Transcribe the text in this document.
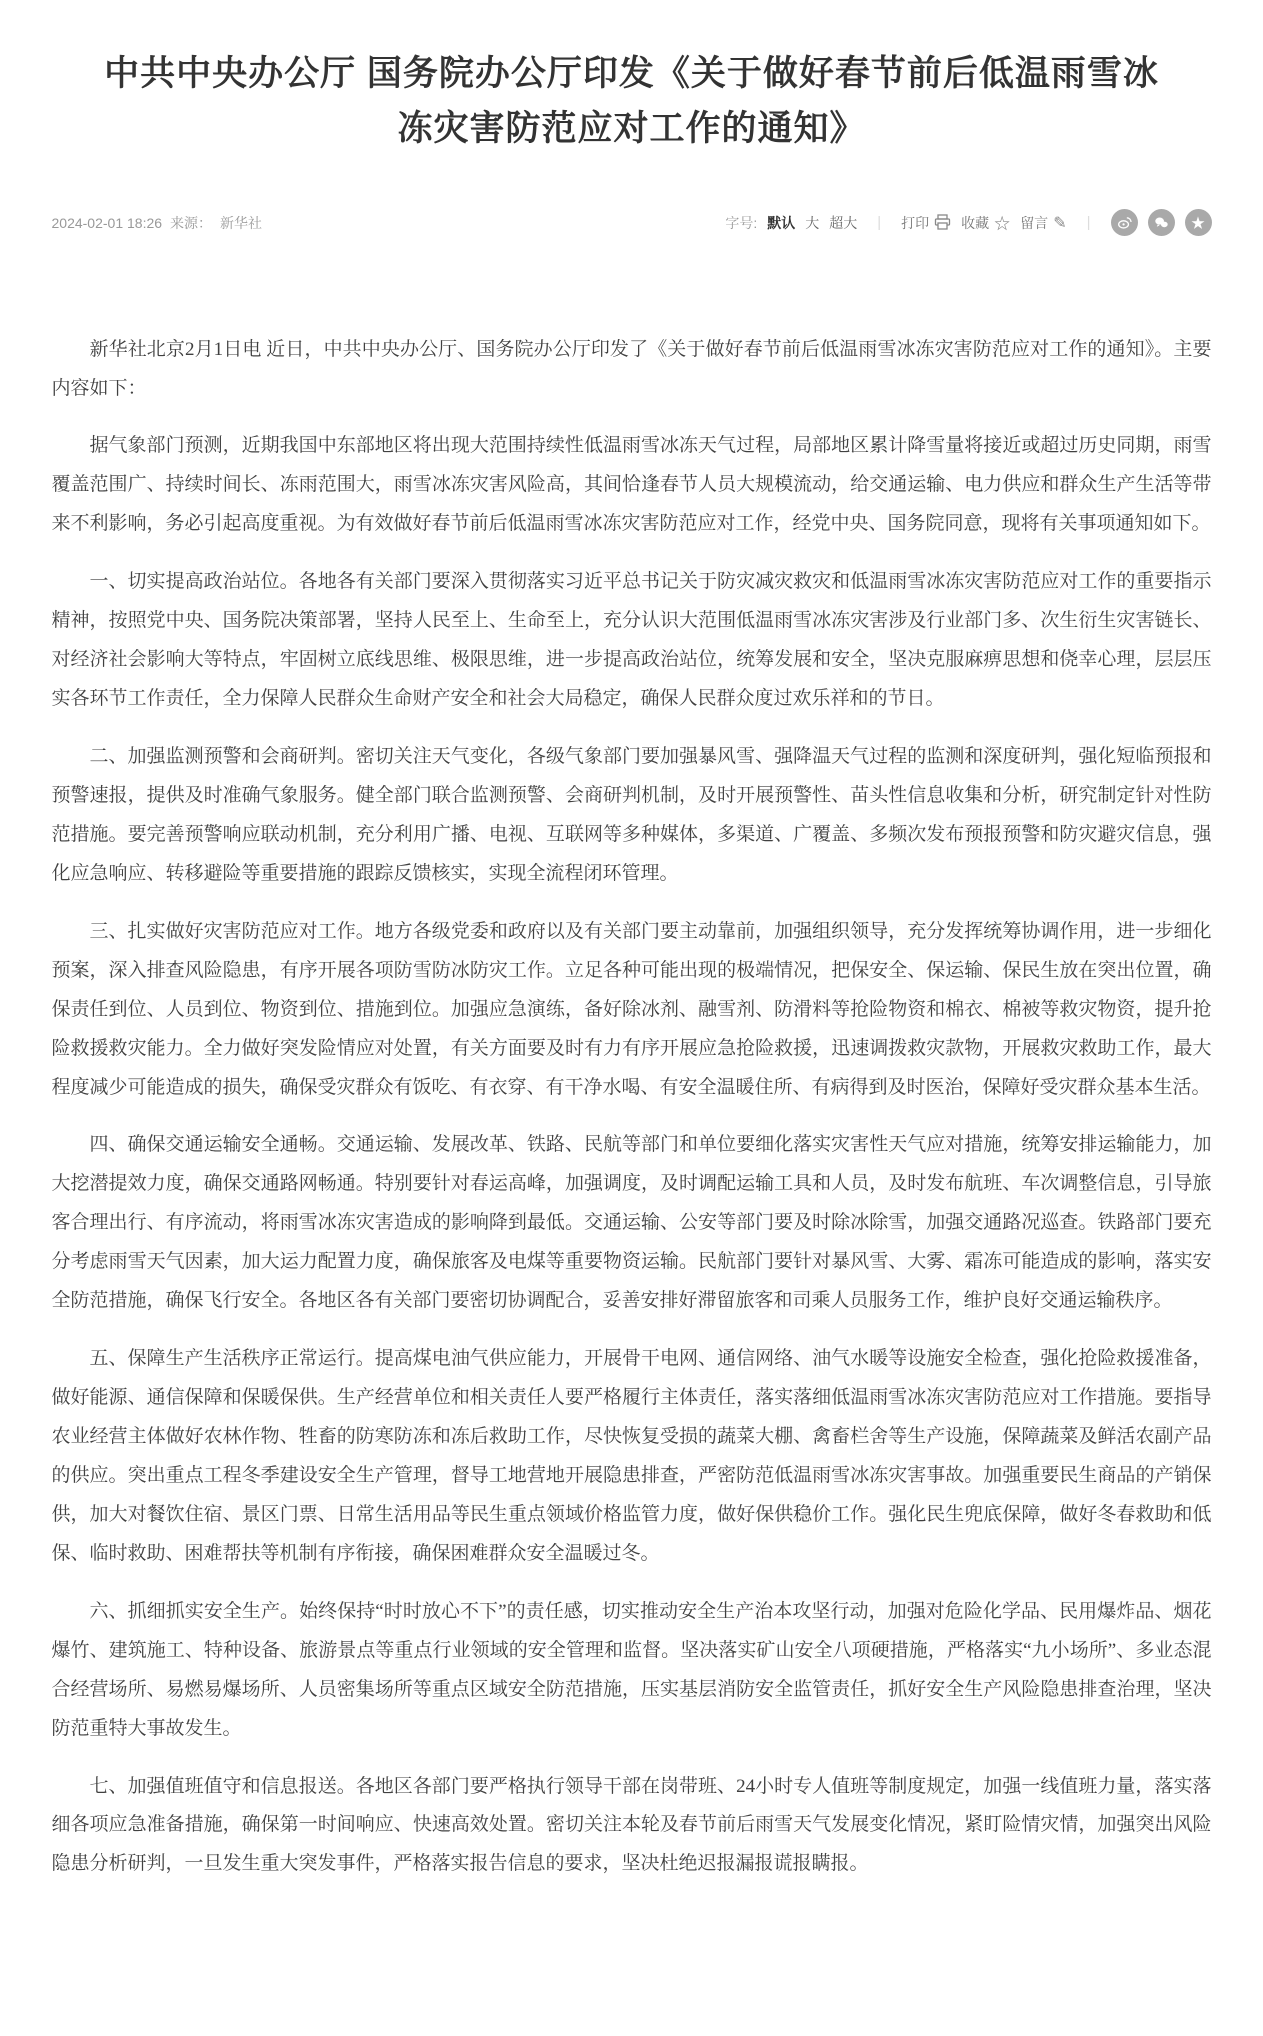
中共中央办公厅 国务院办公厅印发《关于做好春节前后低温雨雪冰冻灾害防范应对工作的通知》
2024-02-01 18:26 来源： 新华社	字号: 默认 大 超大	|	打印 收藏 ☆ 留言 ✎	|	★

新华社北京2月1日电 近日，中共中央办公厅、国务院办公厅印发了《关于做好春节前后低温雨雪冰冻灾害防范应对工作的通知》。主要内容如下：

据气象部门预测，近期我国中东部地区将出现大范围持续性低温雨雪冰冻天气过程，局部地区累计降雪量将接近或超过历史同期，雨雪覆盖范围广、持续时间长、冻雨范围大，雨雪冰冻灾害风险高，其间恰逢春节人员大规模流动，给交通运输、电力供应和群众生产生活等带来不利影响，务必引起高度重视。为有效做好春节前后低温雨雪冰冻灾害防范应对工作，经党中央、国务院同意，现将有关事项通知如下。

一、切实提高政治站位。各地各有关部门要深入贯彻落实习近平总书记关于防灾减灾救灾和低温雨雪冰冻灾害防范应对工作的重要指示精神，按照党中央、国务院决策部署，坚持人民至上、生命至上，充分认识大范围低温雨雪冰冻灾害涉及行业部门多、次生衍生灾害链长、对经济社会影响大等特点，牢固树立底线思维、极限思维，进一步提高政治站位，统筹发展和安全，坚决克服麻痹思想和侥幸心理，层层压实各环节工作责任，全力保障人民群众生命财产安全和社会大局稳定，确保人民群众度过欢乐祥和的节日。

二、加强监测预警和会商研判。密切关注天气变化，各级气象部门要加强暴风雪、强降温天气过程的监测和深度研判，强化短临预报和预警速报，提供及时准确气象服务。健全部门联合监测预警、会商研判机制，及时开展预警性、苗头性信息收集和分析，研究制定针对性防范措施。要完善预警响应联动机制，充分利用广播、电视、互联网等多种媒体，多渠道、广覆盖、多频次发布预报预警和防灾避灾信息，强化应急响应、转移避险等重要措施的跟踪反馈核实，实现全流程闭环管理。

三、扎实做好灾害防范应对工作。地方各级党委和政府以及有关部门要主动靠前，加强组织领导，充分发挥统筹协调作用，进一步细化预案，深入排查风险隐患，有序开展各项防雪防冰防灾工作。立足各种可能出现的极端情况，把保安全、保运输、保民生放在突出位置，确保责任到位、人员到位、物资到位、措施到位。加强应急演练，备好除冰剂、融雪剂、防滑料等抢险物资和棉衣、棉被等救灾物资，提升抢险救援救灾能力。全力做好突发险情应对处置，有关方面要及时有力有序开展应急抢险救援，迅速调拨救灾款物，开展救灾救助工作，最大程度减少可能造成的损失，确保受灾群众有饭吃、有衣穿、有干净水喝、有安全温暖住所、有病得到及时医治，保障好受灾群众基本生活。

四、确保交通运输安全通畅。交通运输、发展改革、铁路、民航等部门和单位要细化落实灾害性天气应对措施，统筹安排运输能力，加大挖潜提效力度，确保交通路网畅通。特别要针对春运高峰，加强调度，及时调配运输工具和人员，及时发布航班、车次调整信息，引导旅客合理出行、有序流动，将雨雪冰冻灾害造成的影响降到最低。交通运输、公安等部门要及时除冰除雪，加强交通路况巡查。铁路部门要充分考虑雨雪天气因素，加大运力配置力度，确保旅客及电煤等重要物资运输。民航部门要针对暴风雪、大雾、霜冻可能造成的影响，落实安全防范措施，确保飞行安全。各地区各有关部门要密切协调配合，妥善安排好滞留旅客和司乘人员服务工作，维护良好交通运输秩序。

五、保障生产生活秩序正常运行。提高煤电油气供应能力，开展骨干电网、通信网络、油气水暖等设施安全检查，强化抢险救援准备，做好能源、通信保障和保暖保供。生产经营单位和相关责任人要严格履行主体责任，落实落细低温雨雪冰冻灾害防范应对工作措施。要指导农业经营主体做好农林作物、牲畜的防寒防冻和冻后救助工作，尽快恢复受损的蔬菜大棚、禽畜栏舍等生产设施，保障蔬菜及鲜活农副产品的供应。突出重点工程冬季建设安全生产管理，督导工地营地开展隐患排查，严密防范低温雨雪冰冻灾害事故。加强重要民生商品的产销保供，加大对餐饮住宿、景区门票、日常生活用品等民生重点领域价格监管力度，做好保供稳价工作。强化民生兜底保障，做好冬春救助和低保、临时救助、困难帮扶等机制有序衔接，确保困难群众安全温暖过冬。

六、抓细抓实安全生产。始终保持“时时放心不下”的责任感，切实推动安全生产治本攻坚行动，加强对危险化学品、民用爆炸品、烟花爆竹、建筑施工、特种设备、旅游景点等重点行业领域的安全管理和监督。坚决落实矿山安全八项硬措施，严格落实“九小场所”、多业态混合经营场所、易燃易爆场所、人员密集场所等重点区域安全防范措施，压实基层消防安全监管责任，抓好安全生产风险隐患排查治理，坚决防范重特大事故发生。

七、加强值班值守和信息报送。各地区各部门要严格执行领导干部在岗带班、24小时专人值班等制度规定，加强一线值班力量，落实落细各项应急准备措施，确保第一时间响应、快速高效处置。密切关注本轮及春节前后雨雪天气发展变化情况，紧盯险情灾情，加强突出风险隐患分析研判，一旦发生重大突发事件，严格落实报告信息的要求，坚决杜绝迟报漏报谎报瞒报。
